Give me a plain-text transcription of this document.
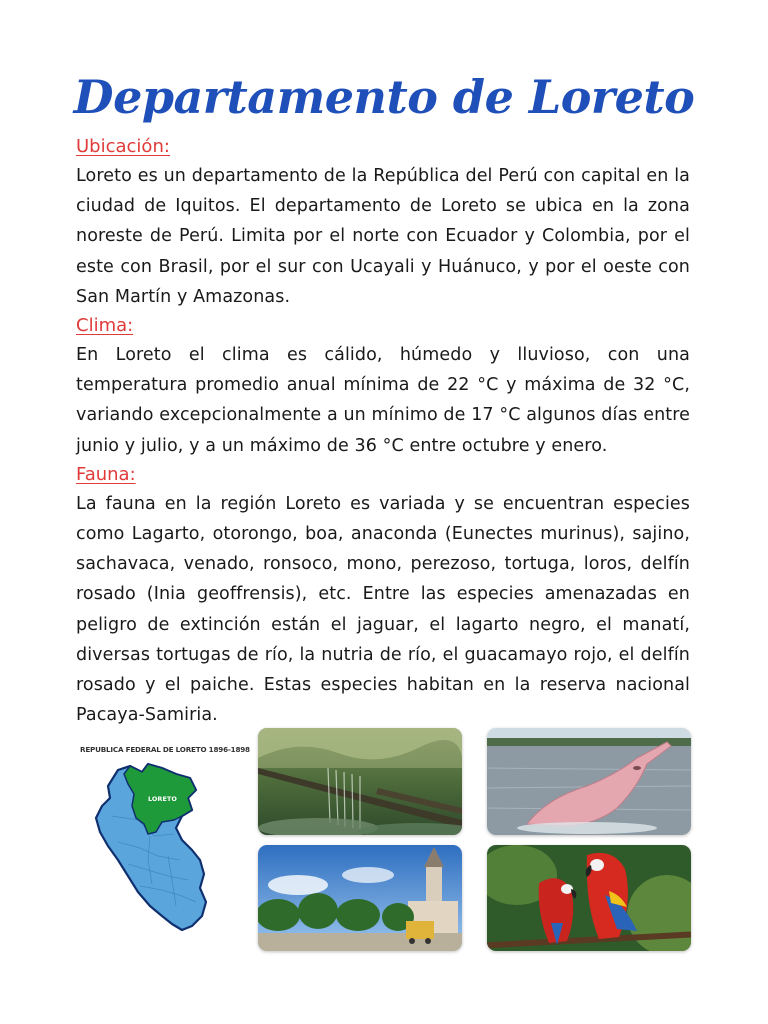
Departamento de Loreto

Ubicación:

Loreto es un departamento de la República del Perú con capital en la ciudad de Iquitos. El departamento de Loreto se ubica en la zona noreste de Perú. Limita por el norte con Ecuador y Colombia, por el este con Brasil, por el sur con Ucayali y Huánuco, y por el oeste con San Martín y Amazonas.

Clima:

En Loreto el clima es cálido, húmedo y lluvioso, con una temperatura promedio anual mínima de 22 °C y máxima de 32 °C, variando excepcionalmente a un mínimo de 17 °C algunos días entre junio y julio, y a un máximo de 36 °C entre octubre y enero.

Fauna:

La fauna en la región Loreto es variada y se encuentran especies como Lagarto, otorongo, boa, anaconda (Eunectes murinus), sajino, sachavaca, venado, ronsoco, mono, perezoso, tortuga, loros, delfín rosado (Inia geoffrensis), etc. Entre las especies amenazadas en peligro de extinción están el jaguar, el lagarto negro, el manatí, diversas tortugas de río, la nutria de río, el guacamayo rojo, el delfín rosado y el paiche. Estas especies habitan en la reserva nacional Pacaya-Samiria.

REPUBLICA FEDERAL DE LORETO 1896-1898
LORETO
